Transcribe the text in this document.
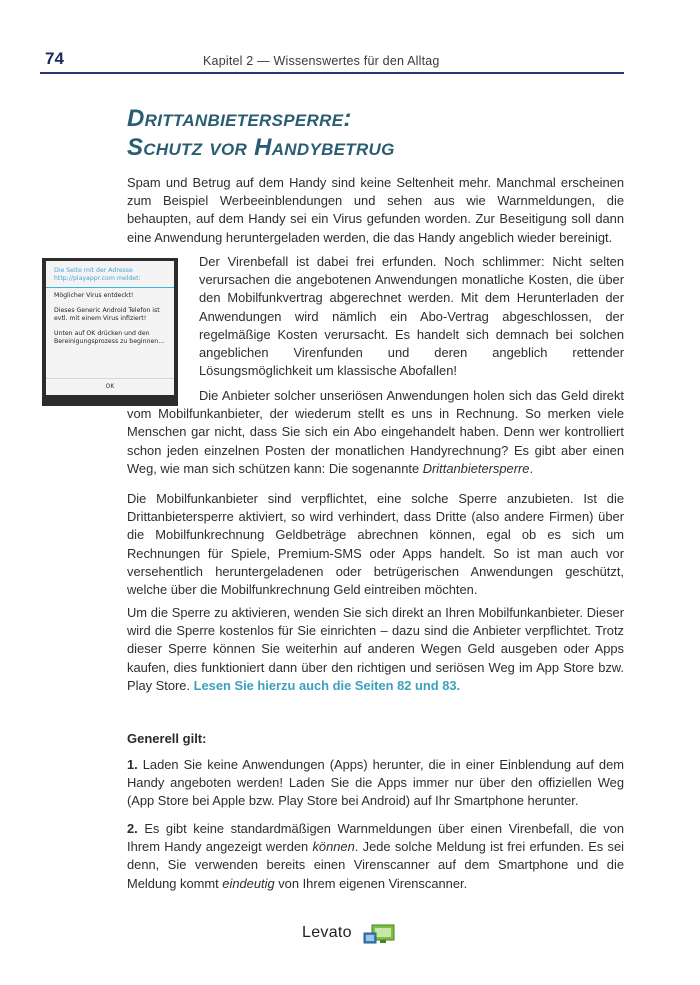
74	Kapitel 2 — Wissenswertes für den Alltag
Drittanbietersperre:
Schutz vor Handybetrug
Spam und Betrug auf dem Handy sind keine Seltenheit mehr. Manchmal erscheinen zum Beispiel Werbeeinblendungen und sehen aus wie Warnmeldungen, die behaupten, auf dem Handy sei ein Virus gefunden worden. Zur Beseitigung soll dann eine Anwendung heruntergeladen werden, die das Handy angeblich wieder bereinigt.
Die Seite mit der Adresse http://playappr.com meldet:

Möglicher Virus entdeckt!

Dieses Generic Android Telefon ist evtl. mit einem Virus infiziert!

Unten auf OK drücken und den Bereinigungsprozess zu beginnen...

OK
Der Virenbefall ist dabei frei erfunden. Noch schlimmer: Nicht selten verursachen die angebotenen Anwendungen monatliche Kosten, die über den Mobilfunkvertrag abgerechnet werden. Mit dem Herunterladen der Anwendungen wird nämlich ein Abo-Vertrag abgeschlossen, der regelmäßige Kosten verursacht. Es handelt sich demnach bei solchen angeblichen Virenfunden und deren angeblich rettender Lösungsmöglichkeit um klassische Abofallen!
Die Anbieter solcher unseriösen Anwendungen holen sich das Geld direkt vom Mobilfunkanbieter, der wiederum stellt es uns in Rechnung. So merken viele Menschen gar nicht, dass Sie sich ein Abo eingehandelt haben. Denn wer kontrolliert schon jeden einzelnen Posten der monatlichen Handyrechnung? Es gibt aber einen Weg, wie man sich schützen kann: Die sogenannte Drittanbietersperre.
Die Mobilfunkanbieter sind verpflichtet, eine solche Sperre anzubieten. Ist die Drittanbietersperre aktiviert, so wird verhindert, dass Dritte (also andere Firmen) über die Mobilfunkrechnung Geldbeträge abrechnen können, egal ob es sich um Rechnungen für Spiele, Premium-SMS oder Apps handelt. So ist man auch vor versehentlich heruntergeladenen oder betrügerischen Anwendungen geschützt, welche über die Mobilfunkrechnung Geld eintreiben möchten.
Um die Sperre zu aktivieren, wenden Sie sich direkt an Ihren Mobilfunkanbieter. Dieser wird die Sperre kostenlos für Sie einrichten – dazu sind die Anbieter verpflichtet. Trotz dieser Sperre können Sie weiterhin auf anderen Wegen Geld ausgeben oder Apps kaufen, dies funktioniert dann über den richtigen und seriösen Weg im App Store bzw. Play Store. Lesen Sie hierzu auch die Seiten 82 und 83.
Generell gilt:
1. Laden Sie keine Anwendungen (Apps) herunter, die in einer Einblendung auf dem Handy angeboten werden! Laden Sie die Apps immer nur über den offiziellen Weg (App Store bei Apple bzw. Play Store bei Android) auf Ihr Smartphone herunter.
2. Es gibt keine standardmäßigen Warnmeldungen über einen Virenbefall, die von Ihrem Handy angezeigt werden können. Jede solche Meldung ist frei erfunden. Es sei denn, Sie verwenden bereits einen Virenscanner auf dem Smartphone und die Meldung kommt eindeutig von Ihrem eigenen Virenscanner.
Levato
